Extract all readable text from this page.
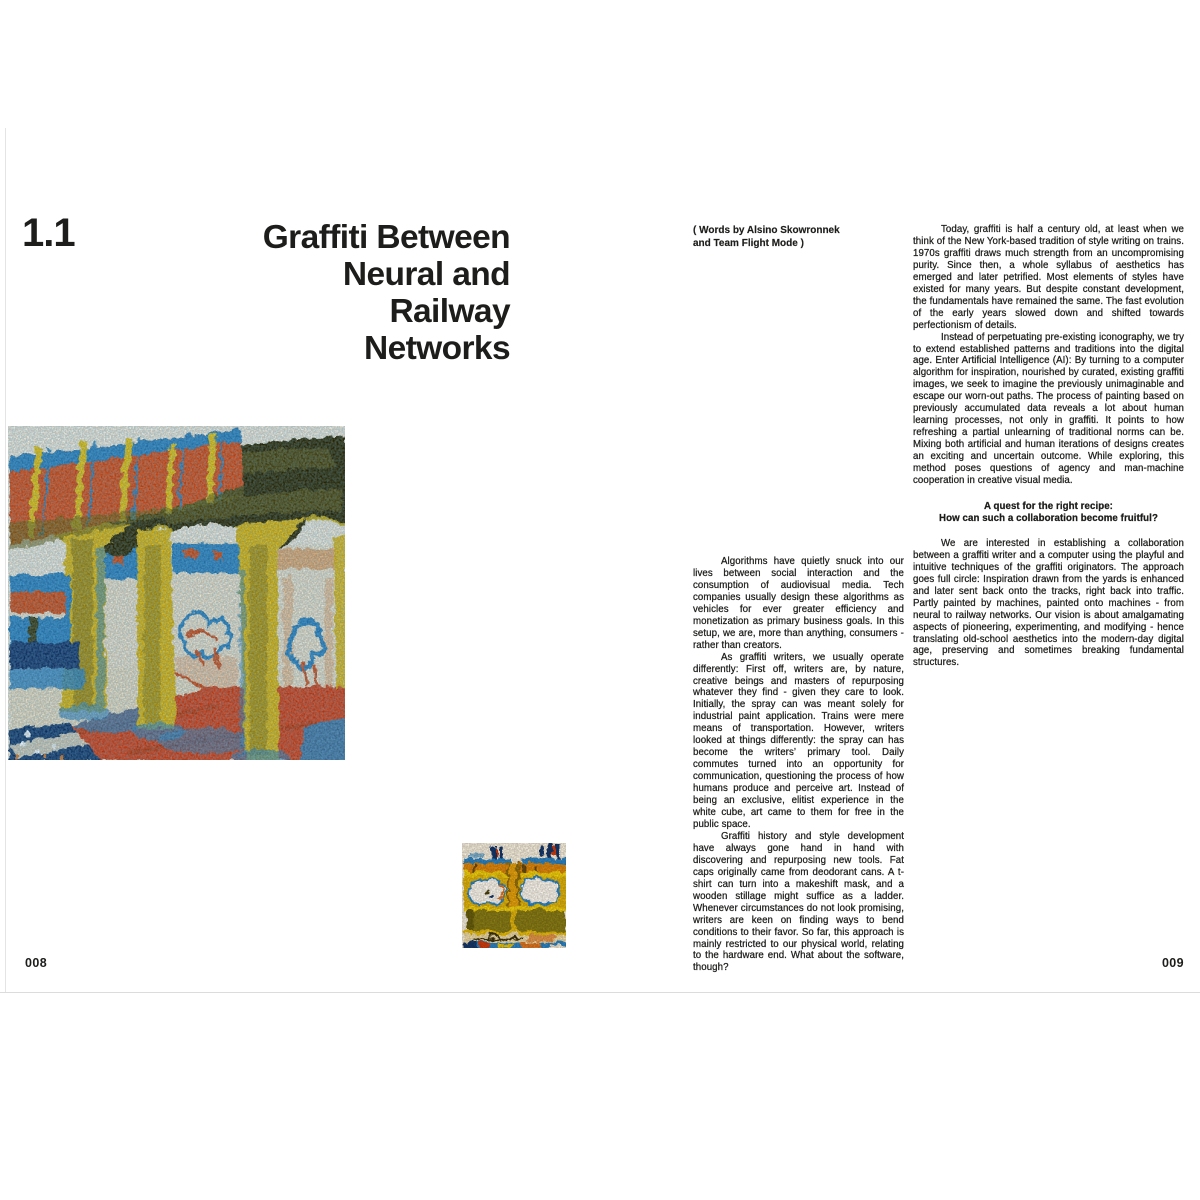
1.1	Graffiti Between
Neural and
Railway
Networks
008
( Words by Alsino Skowronnek
and Team Flight Mode )

Algorithms have quietly snuck into our lives between social interaction and the consumption of audiovisual media. Tech companies usually design these algorithms as vehicles for ever greater efficiency and monetization as primary business goals. In this setup, we are, more than anything, consumers - rather than creators.

As graffiti writers, we usually operate differently: First off, writers are, by nature, creative beings and masters of repurposing whatever they find - given they care to look. Initially, the spray can was meant solely for industrial paint application. Trains were mere means of transportation. However, writers looked at things differently: the spray can has become the writers’ primary tool. Daily commutes turned into an opportunity for communication, questioning the process of how humans produce and perceive art. Instead of being an exclusive, elitist experience in the white cube, art came to them for free in the public space.

Graffiti history and style development have always gone hand in hand with discovering and repurposing new tools. Fat caps originally came from deodorant cans. A t-shirt can turn into a makeshift mask, and a wooden stillage might suffice as a ladder. Whenever circumstances do not look promising, writers are keen on finding ways to bend conditions to their favor. So far, this approach is mainly restricted to our physical world, relating to the hardware end. What about the software, though?

Today, graffiti is half a century old, at least when we think of the New York-based tradition of style writing on trains. 1970s graffiti draws much strength from an uncompromising purity. Since then, a whole syllabus of aesthetics has emerged and later petrified. Most elements of styles have existed for many years. But despite constant development, the fundamentals have remained the same. The fast evolution of the early years slowed down and shifted towards perfectionism of details.

Instead of perpetuating pre-existing iconography, we try to extend established patterns and traditions into the digital age. Enter Artificial Intelligence (AI): By turning to a computer algorithm for inspiration, nourished by curated, existing graffiti images, we seek to imagine the previously unimaginable and escape our worn-out paths. The process of painting based on previously accumulated data reveals a lot about human learning processes, not only in graffiti. It points to how refreshing a partial unlearning of traditional norms can be. Mixing both artificial and human iterations of designs creates an exciting and uncertain outcome. While exploring, this method poses questions of agency and man-machine cooperation in creative visual media.

A quest for the right recipe:
How can such a collaboration become fruitful?

We are interested in establishing a collaboration between a graffiti writer and a computer using the playful and intuitive techniques of the graffiti originators. The approach goes full circle: Inspiration drawn from the yards is enhanced and later sent back onto the tracks, right back into traffic. Partly painted by machines, painted onto machines - from neural to railway networks. Our vision is about amalgamating aspects of pioneering, experimenting, and modifying - hence translating old-school aesthetics into the modern-day digital age, preserving and sometimes breaking fundamental structures.

009
